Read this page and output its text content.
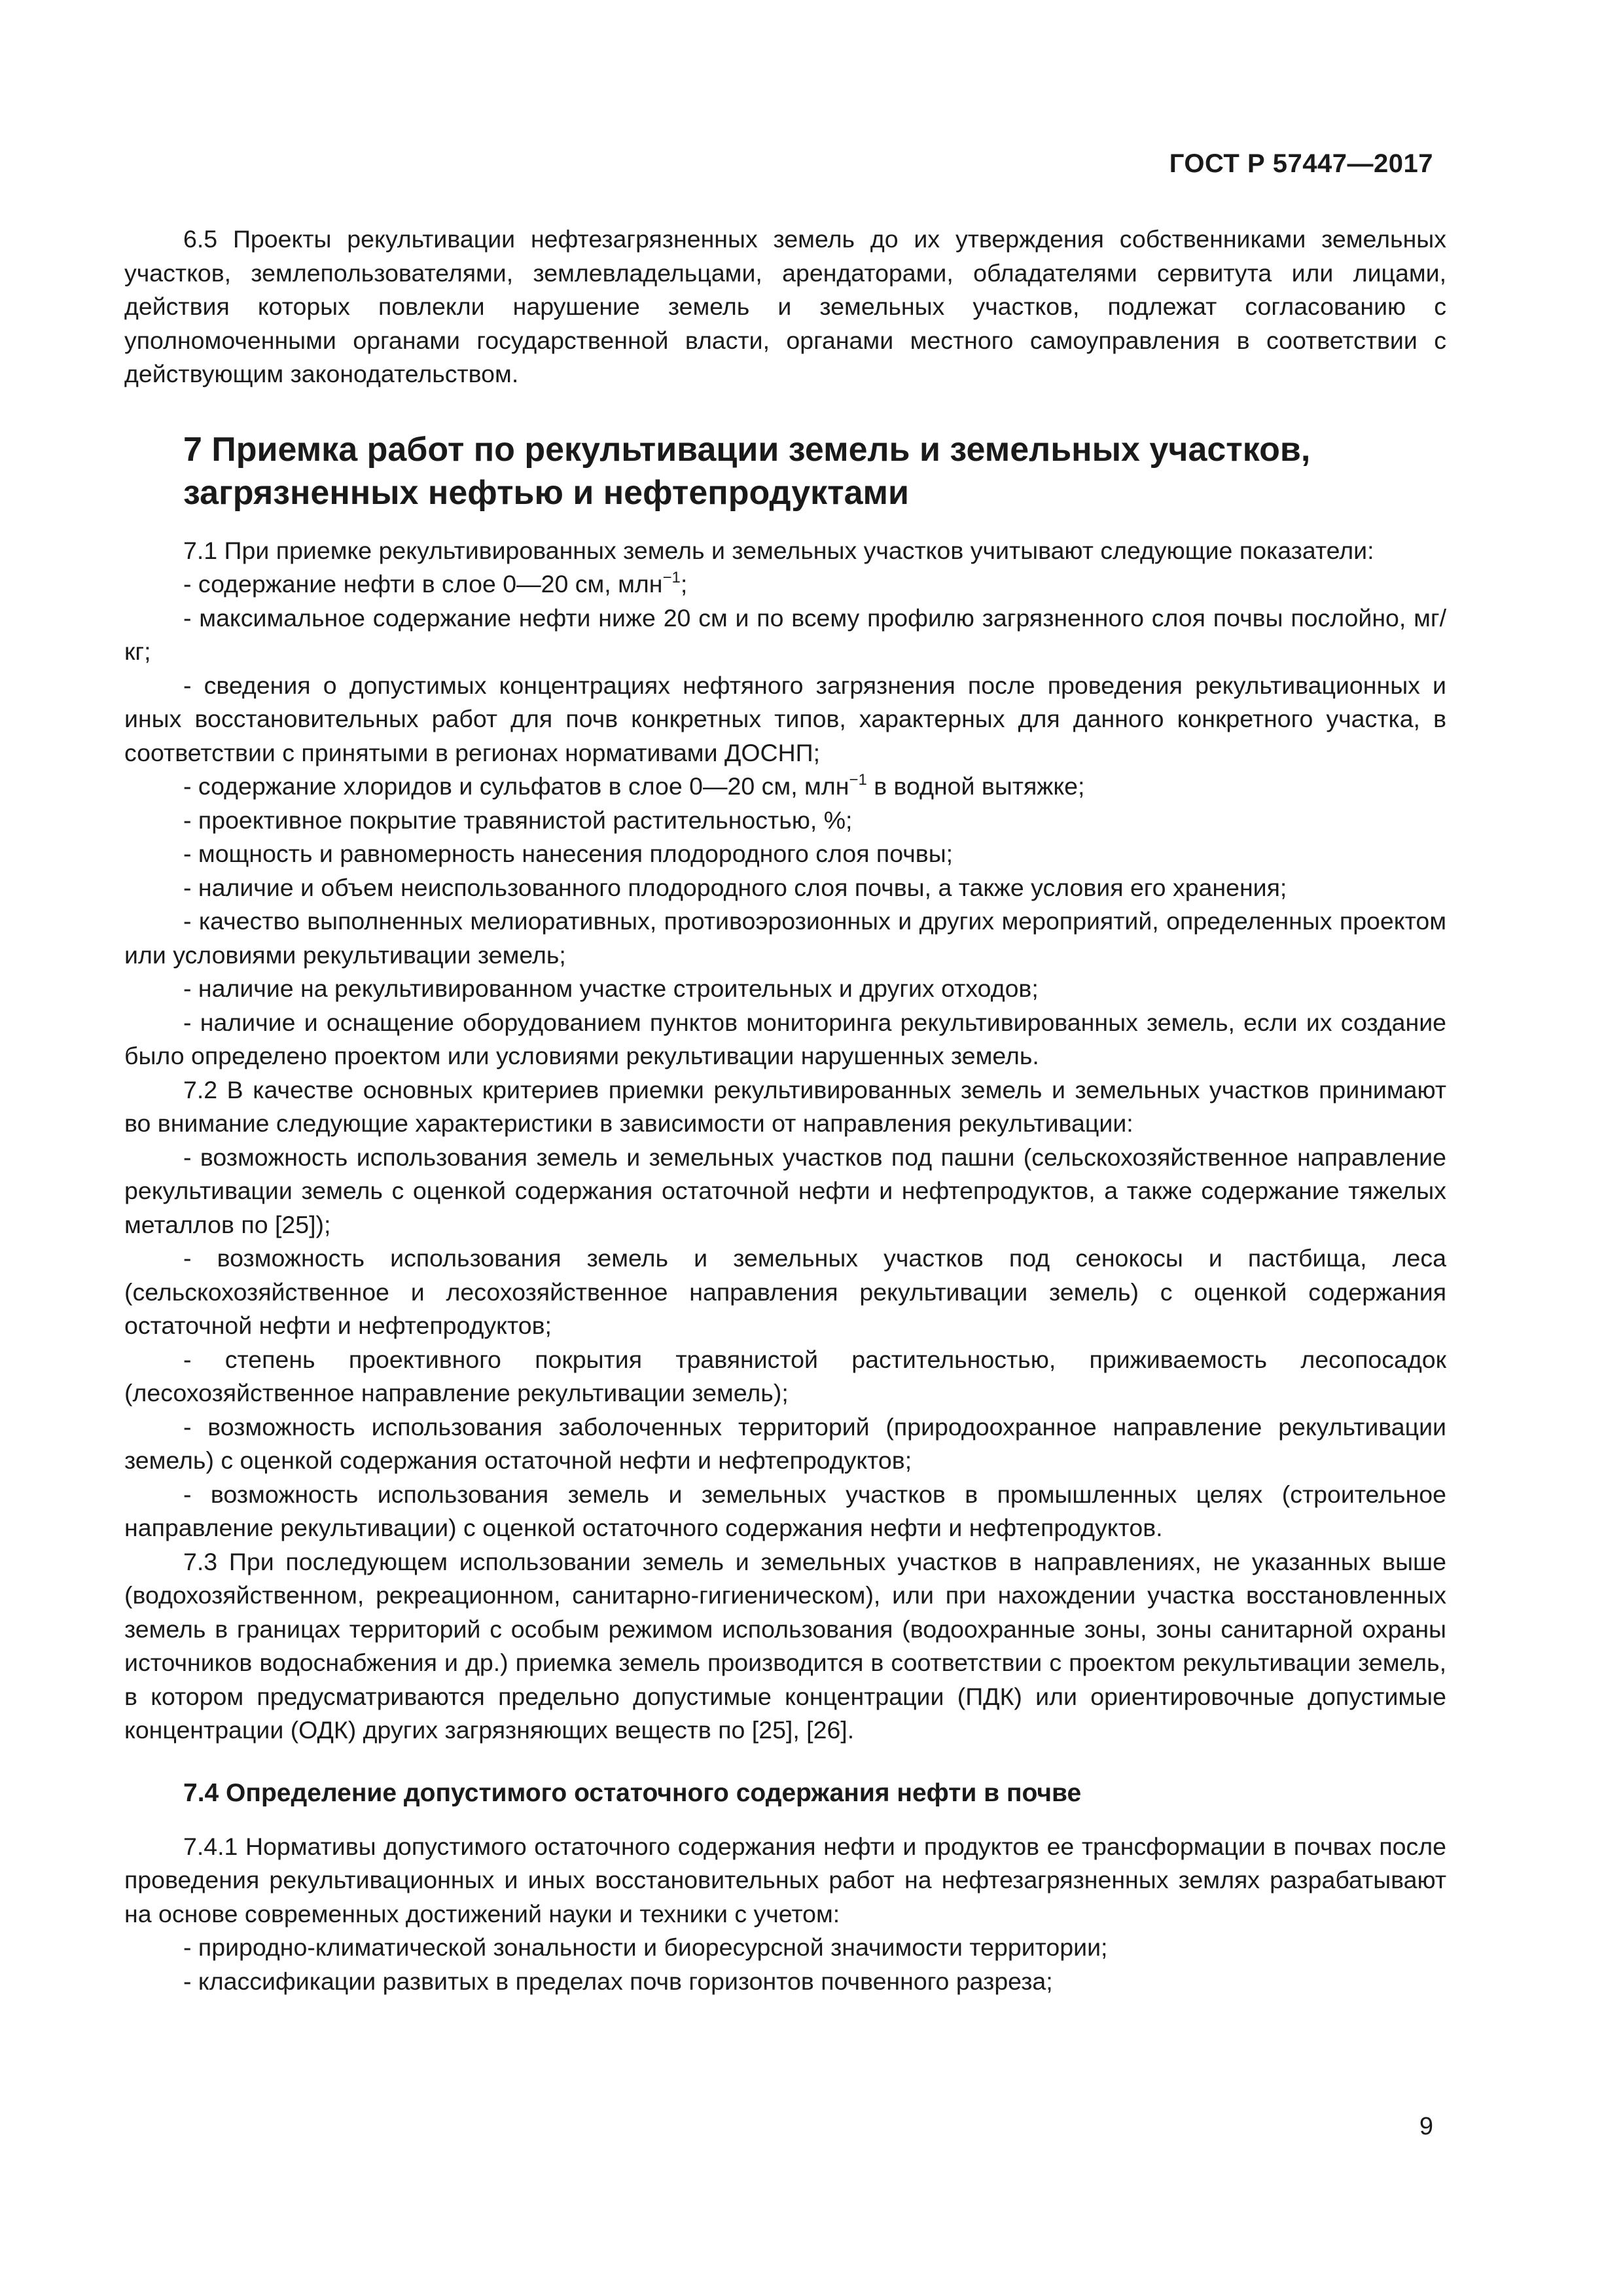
ГОСТ Р 57447—2017

6.5 Проекты рекультивации нефтезагрязненных земель до их утверждения собственниками земельных участков, землепользователями, землевладельцами, арендаторами, обладателями сервитута или лицами, действия которых повлекли нарушение земель и земельных участков, подлежат согласованию с уполномоченными органами государственной власти, органами местного самоуправления в соответствии с действующим законодательством.

7 Приемка работ по рекультивации земель и земельных участков,
загрязненных нефтью и нефтепродуктами

7.1 При приемке рекультивированных земель и земельных участков учитывают следующие показатели:

- содержание нефти в слое 0—20 см, млн$^{-1}$;

- максимальное содержание нефти ниже 20 см и по всему профилю загрязненного слоя почвы послойно, мг/кг;

- сведения о допустимых концентрациях нефтяного загрязнения после проведения рекультивационных и иных восстановительных работ для почв конкретных типов, характерных для данного конкретного участка, в соответствии с принятыми в регионах нормативами ДОСНП;

- содержание хлоридов и сульфатов в слое 0—20 см, млн$^{-1}$ в водной вытяжке;

- проективное покрытие травянистой растительностью, %;

- мощность и равномерность нанесения плодородного слоя почвы;

- наличие и объем неиспользованного плодородного слоя почвы, а также условия его хранения;

- качество выполненных мелиоративных, противоэрозионных и других мероприятий, определенных проектом или условиями рекультивации земель;

- наличие на рекультивированном участке строительных и других отходов;

- наличие и оснащение оборудованием пунктов мониторинга рекультивированных земель, если их создание было определено проектом или условиями рекультивации нарушенных земель.

7.2 В качестве основных критериев приемки рекультивированных земель и земельных участков принимают во внимание следующие характеристики в зависимости от направления рекультивации:

- возможность использования земель и земельных участков под пашни (сельскохозяйственное направление рекультивации земель с оценкой содержания остаточной нефти и нефтепродуктов, а также содержание тяжелых металлов по [25]);

- возможность использования земель и земельных участков под сенокосы и пастбища, леса (сельскохозяйственное и лесохозяйственное направления рекультивации земель) с оценкой содержания остаточной нефти и нефтепродуктов;

- степень проективного покрытия травянистой растительностью, приживаемость лесопосадок (лесохозяйственное направление рекультивации земель);

- возможность использования заболоченных территорий (природоохранное направление рекультивации земель) с оценкой содержания остаточной нефти и нефтепродуктов;

- возможность использования земель и земельных участков в промышленных целях (строительное направление рекультивации) с оценкой остаточного содержания нефти и нефтепродуктов.

7.3 При последующем использовании земель и земельных участков в направлениях, не указанных выше (водохозяйственном, рекреационном, санитарно-гигиеническом), или при нахождении участка восстановленных земель в границах территорий с особым режимом использования (водоохранные зоны, зоны санитарной охраны источников водоснабжения и др.) приемка земель производится в соответствии с проектом рекультивации земель, в котором предусматриваются предельно допустимые концентрации (ПДК) или ориентировочные допустимые концентрации (ОДК) других загрязняющих веществ по [25], [26].

7.4 Определение допустимого остаточного содержания нефти в почве

7.4.1 Нормативы допустимого остаточного содержания нефти и продуктов ее трансформации в почвах после проведения рекультивационных и иных восстановительных работ на нефтезагрязненных землях разрабатывают на основе современных достижений науки и техники с учетом:

- природно-климатической зональности и биоресурсной значимости территории;

- классификации развитых в пределах почв горизонтов почвенного разреза;

9
